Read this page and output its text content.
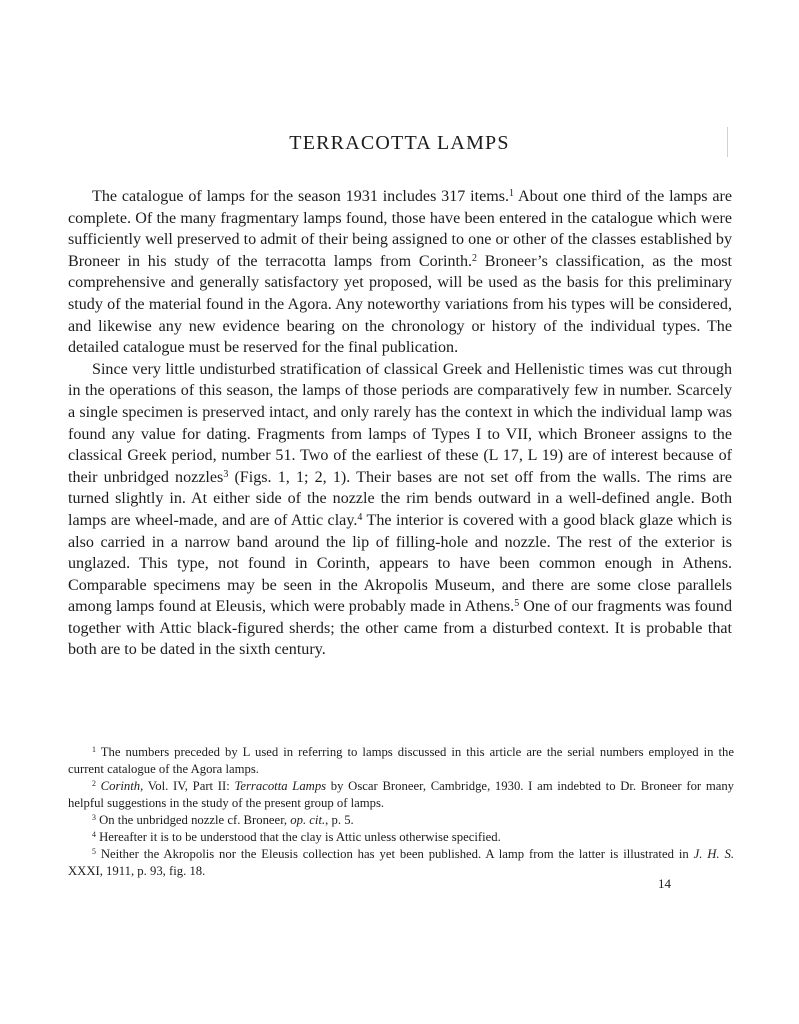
TERRACOTTA LAMPS

The catalogue of lamps for the season 1931 includes 317 items.$^1$ About one third of the lamps are complete. Of the many fragmentary lamps found, those have been entered in the catalogue which were sufficiently well preserved to admit of their being assigned to one or other of the classes established by Broneer in his study of the terracotta lamps from Corinth.$^2$ Broneer’s classification, as the most comprehensive and generally satisfactory yet proposed, will be used as the basis for this preliminary study of the material found in the Agora. Any noteworthy variations from his types will be considered, and likewise any new evidence bearing on the chronology or history of the individual types. The detailed catalogue must be reserved for the final publication.

Since very little undisturbed stratification of classical Greek and Hellenistic times was cut through in the operations of this season, the lamps of those periods are comparatively few in number. Scarcely a single specimen is preserved intact, and only rarely has the context in which the individual lamp was found any value for dating. Fragments from lamps of Types I to VII, which Broneer assigns to the classical Greek period, number 51. Two of the earliest of these (L 17, L 19) are of interest because of their unbridged nozzles$^3$ (Figs. 1, 1; 2, 1). Their bases are not set off from the walls. The rims are turned slightly in. At either side of the nozzle the rim bends outward in a well-defined angle. Both lamps are wheel-made, and are of Attic clay.$^4$ The interior is covered with a good black glaze which is also carried in a narrow band around the lip of filling-hole and nozzle. The rest of the exterior is unglazed. This type, not found in Corinth, appears to have been common enough in Athens. Comparable specimens may be seen in the Akropolis Museum, and there are some close parallels among lamps found at Eleusis, which were probably made in Athens.$^5$ One of our fragments was found together with Attic black-figured sherds; the other came from a disturbed context. It is probable that both are to be dated in the sixth century.

$^1$ The numbers preceded by L used in referring to lamps discussed in this article are the serial numbers employed in the current catalogue of the Agora lamps.

$^2$ Corinth, Vol. IV, Part II: Terracotta Lamps by Oscar Broneer, Cambridge, 1930. I am indebted to Dr. Broneer for many helpful suggestions in the study of the present group of lamps.

$^3$ On the unbridged nozzle cf. Broneer, op. cit., p. 5.

$^4$ Hereafter it is to be understood that the clay is Attic unless otherwise specified.

$^5$ Neither the Akropolis nor the Eleusis collection has yet been published. A lamp from the latter is illustrated in J. H. S. XXXI, 1911, p. 93, fig. 18.

14
